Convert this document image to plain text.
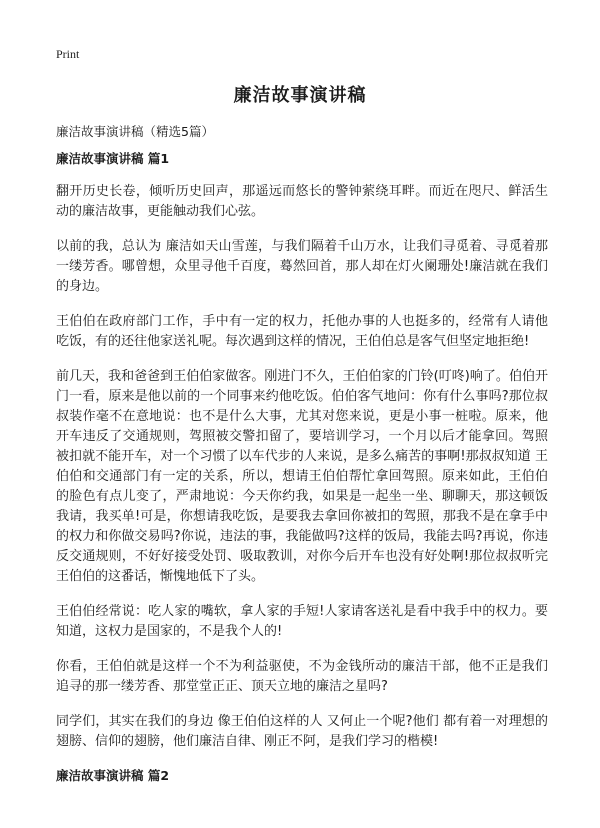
Print
廉洁故事演讲稿
廉洁故事演讲稿（精选5篇）
廉洁故事演讲稿 篇1

翻开历史长卷，倾听历史回声，那遥远而悠长的警钟萦绕耳畔。而近在咫尺、鲜活生动的廉洁故事，更能触动我们心弦。

以前的我，总认为 廉洁如天山雪莲，与我们隔着千山万水，让我们寻觅着、寻觅着那一缕芳香。哪曾想，众里寻他千百度，蓦然回首，那人却在灯火阑珊处!廉洁就在我们的身边。

王伯伯在政府部门工作，手中有一定的权力，托他办事的人也挺多的，经常有人请他吃饭，有的还往他家送礼呢。每次遇到这样的情况，王伯伯总是客气但坚定地拒绝!

前几天，我和爸爸到王伯伯家做客。刚进门不久，王伯伯家的门铃(叮咚)响了。伯伯开门一看，原来是他以前的一个同事来约他吃饭。伯伯客气地问：你有什么事吗?那位叔叔装作毫不在意地说：也不是什么大事，尤其对您来说，更是小事一桩啦。原来，他开车违反了交通规则，驾照被交警扣留了，要培训学习，一个月以后才能拿回。驾照被扣就不能开车，对一个习惯了以车代步的人来说，是多么痛苦的事啊!那叔叔知道 王伯伯和交通部门有一定的关系，所以，想请王伯伯帮忙拿回驾照。原来如此，王伯伯的脸色有点儿变了，严肃地说：今天你约我，如果是一起坐一坐、聊聊天，那这顿饭我请，我买单!可是，你想请我吃饭，是要我去拿回你被扣的驾照，那我不是在拿手中的权力和你做交易吗?你说，违法的事，我能做吗?这样的饭局，我能去吗?再说，你违反交通规则，不好好接受处罚、吸取教训，对你今后开车也没有好处啊!那位叔叔听完王伯伯的这番话，惭愧地低下了头。

王伯伯经常说：吃人家的嘴软，拿人家的手短!人家请客送礼是看中我手中的权力。要知道，这权力是国家的，不是我个人的!

你看，王伯伯就是这样一个不为利益驱使，不为金钱所动的廉洁干部，他不正是我们追寻的那一缕芳香、那堂堂正正、顶天立地的廉洁之星吗?

同学们，其实在我们的身边 像王伯伯这样的人 又何止一个呢?他们 都有着一对理想的翅膀、信仰的翅膀，他们廉洁自律、刚正不阿，是我们学习的楷模!

廉洁故事演讲稿 篇2
